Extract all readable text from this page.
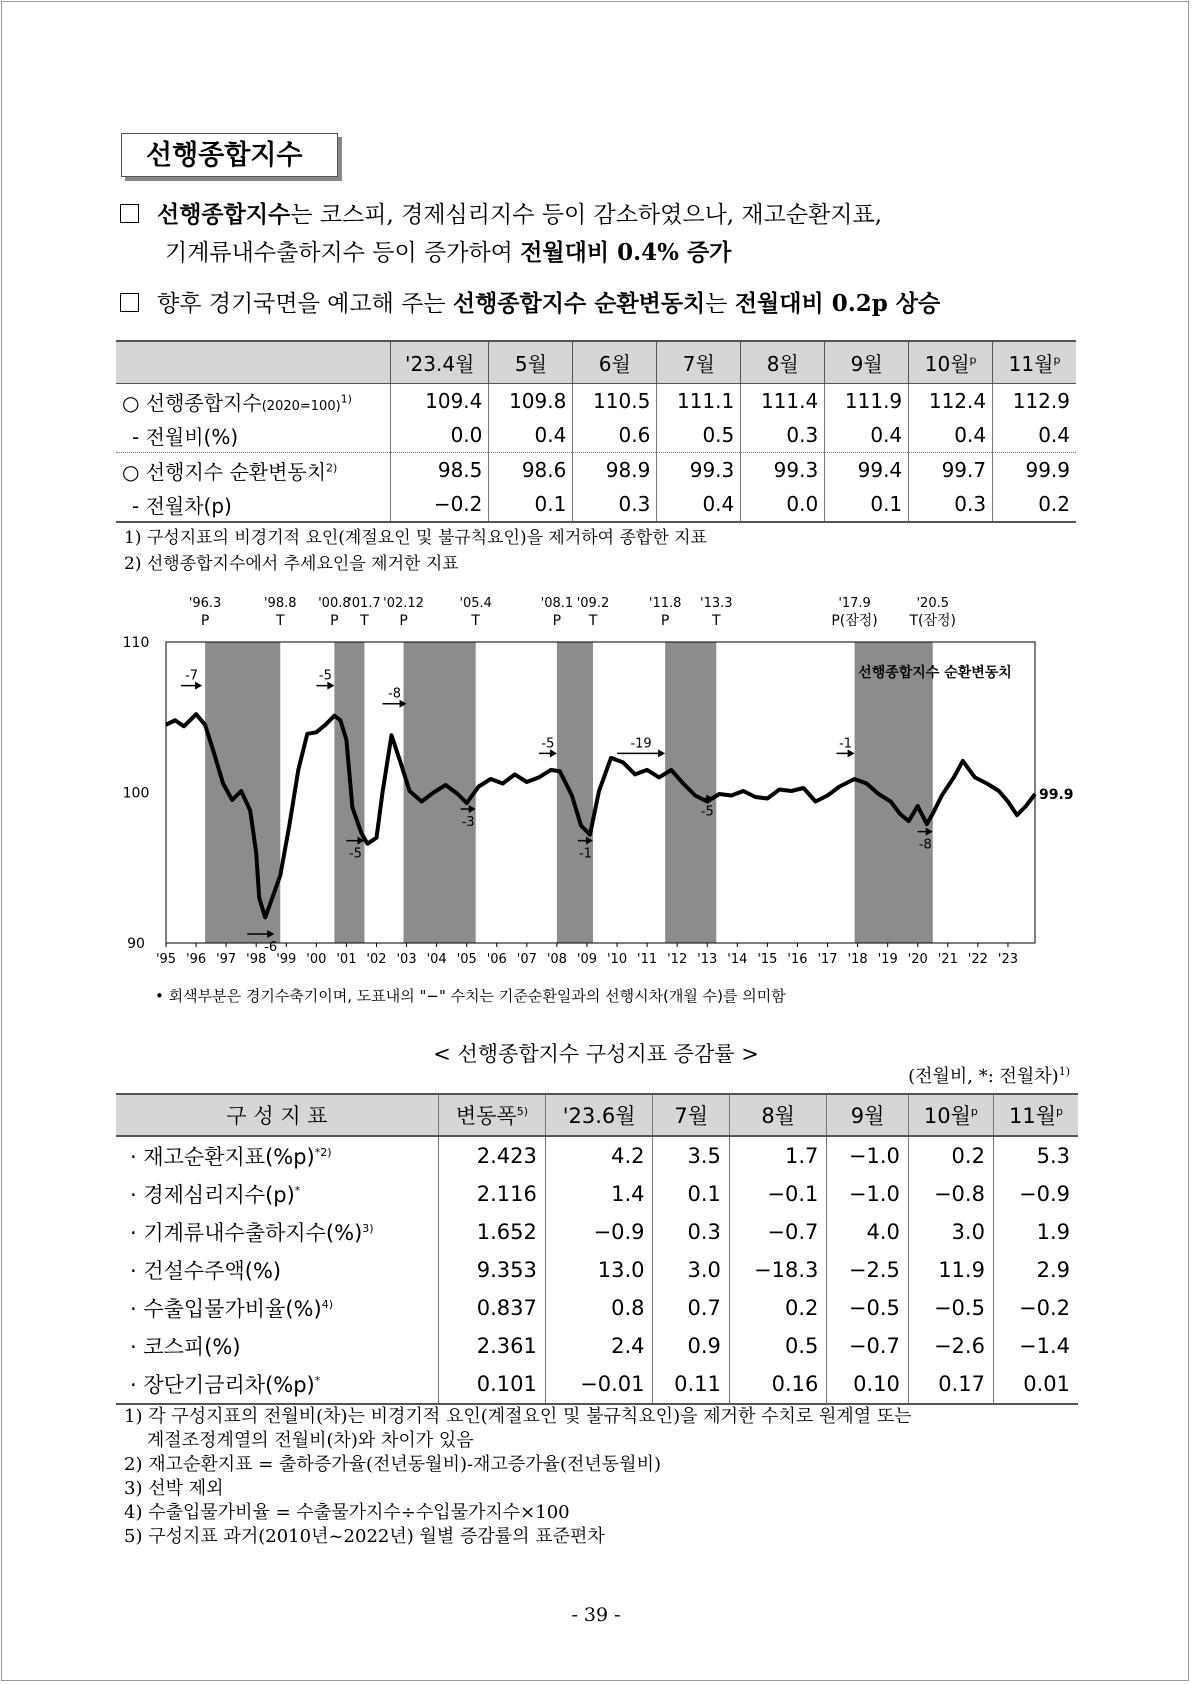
선행종합지수
선행종합지수는 코스피, 경제심리지수 등이 감소하였으나, 재고순환지표,
기계류내수출하지수 등이 증가하여 전월대비 0.4% 증가
향후 경기국면을 예고해 주는 선행종합지수 순환변동치는 전월대비 0.2p 상승
	'23.4월	5월	6월	7월	8월	9월	10월$^p$	11월$^p$
○ 선행종합지수(2020=100)$^{1)}$	109.4	109.8	110.5	111.1	111.4	111.9	112.4	112.9
- 전월비(%)	0.0	0.4	0.6	0.5	0.3	0.4	0.4	0.4
○ 선행지수 순환변동치$^{2)}$	98.5	98.6	98.9	99.3	99.3	99.4	99.7	99.9
- 전월차(p)	−0.2	0.1	0.3	0.4	0.0	0.1	0.3	0.2
1) 구성지표의 비경기적 요인(계절요인 및 불규칙요인)을 제거하여 종합한 지표
2) 선행종합지수에서 추세요인을 제거한 지표
90
100
110
'95 '96 '97 '98 '99 '00 '01 '02 '03 '04 '05 '06 '07 '08 '09 '10 '11 '12 '13 '14 '15 '16 '17 '18 '19 '20 '21 '22 '23
'96.3
P
'98.8
T
'00.8
P
'01.7
T
'02.12
P
'05.4
T
'08.1
P
'09.2
T
'11.8
P
'13.3
T
'17.9
P(잠정)
'20.5
T(잠정)
99.9
선행종합지수 순환변동치
-7
-6
-5
-5
-8
-3
-5
-1
-19
-5
-1
-8
• 회색부분은 경기수축기이며, 도표내의 "−" 수치는 기준순환일과의 선행시차(개월 수)를 의미함
< 선행종합지수 구성지표 증감률 >
(전월비, *: 전월차)$^{1)}$
구 성 지 표	변동폭$^{5)}$	'23.6월	7월	8월	9월	10월$^p$	11월$^p$
· 재고순환지표$(\%p)^{*2)}$	2.423	4.2	3.5	1.7	−1.0	0.2	5.3
· 경제심리지수(p)*	2.116	1.4	0.1	−0.1	−1.0	−0.8	−0.9
· 기계류내수출하지수(%)$^{3)}$	1.652	−0.9	0.3	−0.7	4.0	3.0	1.9
· 건설수주액(%)	9.353	13.0	3.0	−18.3	−2.5	11.9	2.9
· 수출입물가비율(%)$^{4)}$	0.837	0.8	0.7	0.2	−0.5	−0.5	−0.2
· 코스피(%)	2.361	2.4	0.9	0.5	−0.7	−2.6	−1.4
· 장단기금리차(%p)*	0.101	−0.01	0.11	0.16	0.10	0.17	0.01
1) 각 구성지표의 전월비(차)는 비경기적 요인(계절요인 및 불규칙요인)을 제거한 수치로 원계열 또는
계절조정계열의 전월비(차)와 차이가 있음
2) 재고순환지표 = 출하증가율(전년동월비)-재고증가율(전년동월비)
3) 선박 제외
4) 수출입물가비율 = 수출물가지수÷수입물가지수×100
5) 구성지표 과거(2010년~2022년) 월별 증감률의 표준편차
- 39 -
